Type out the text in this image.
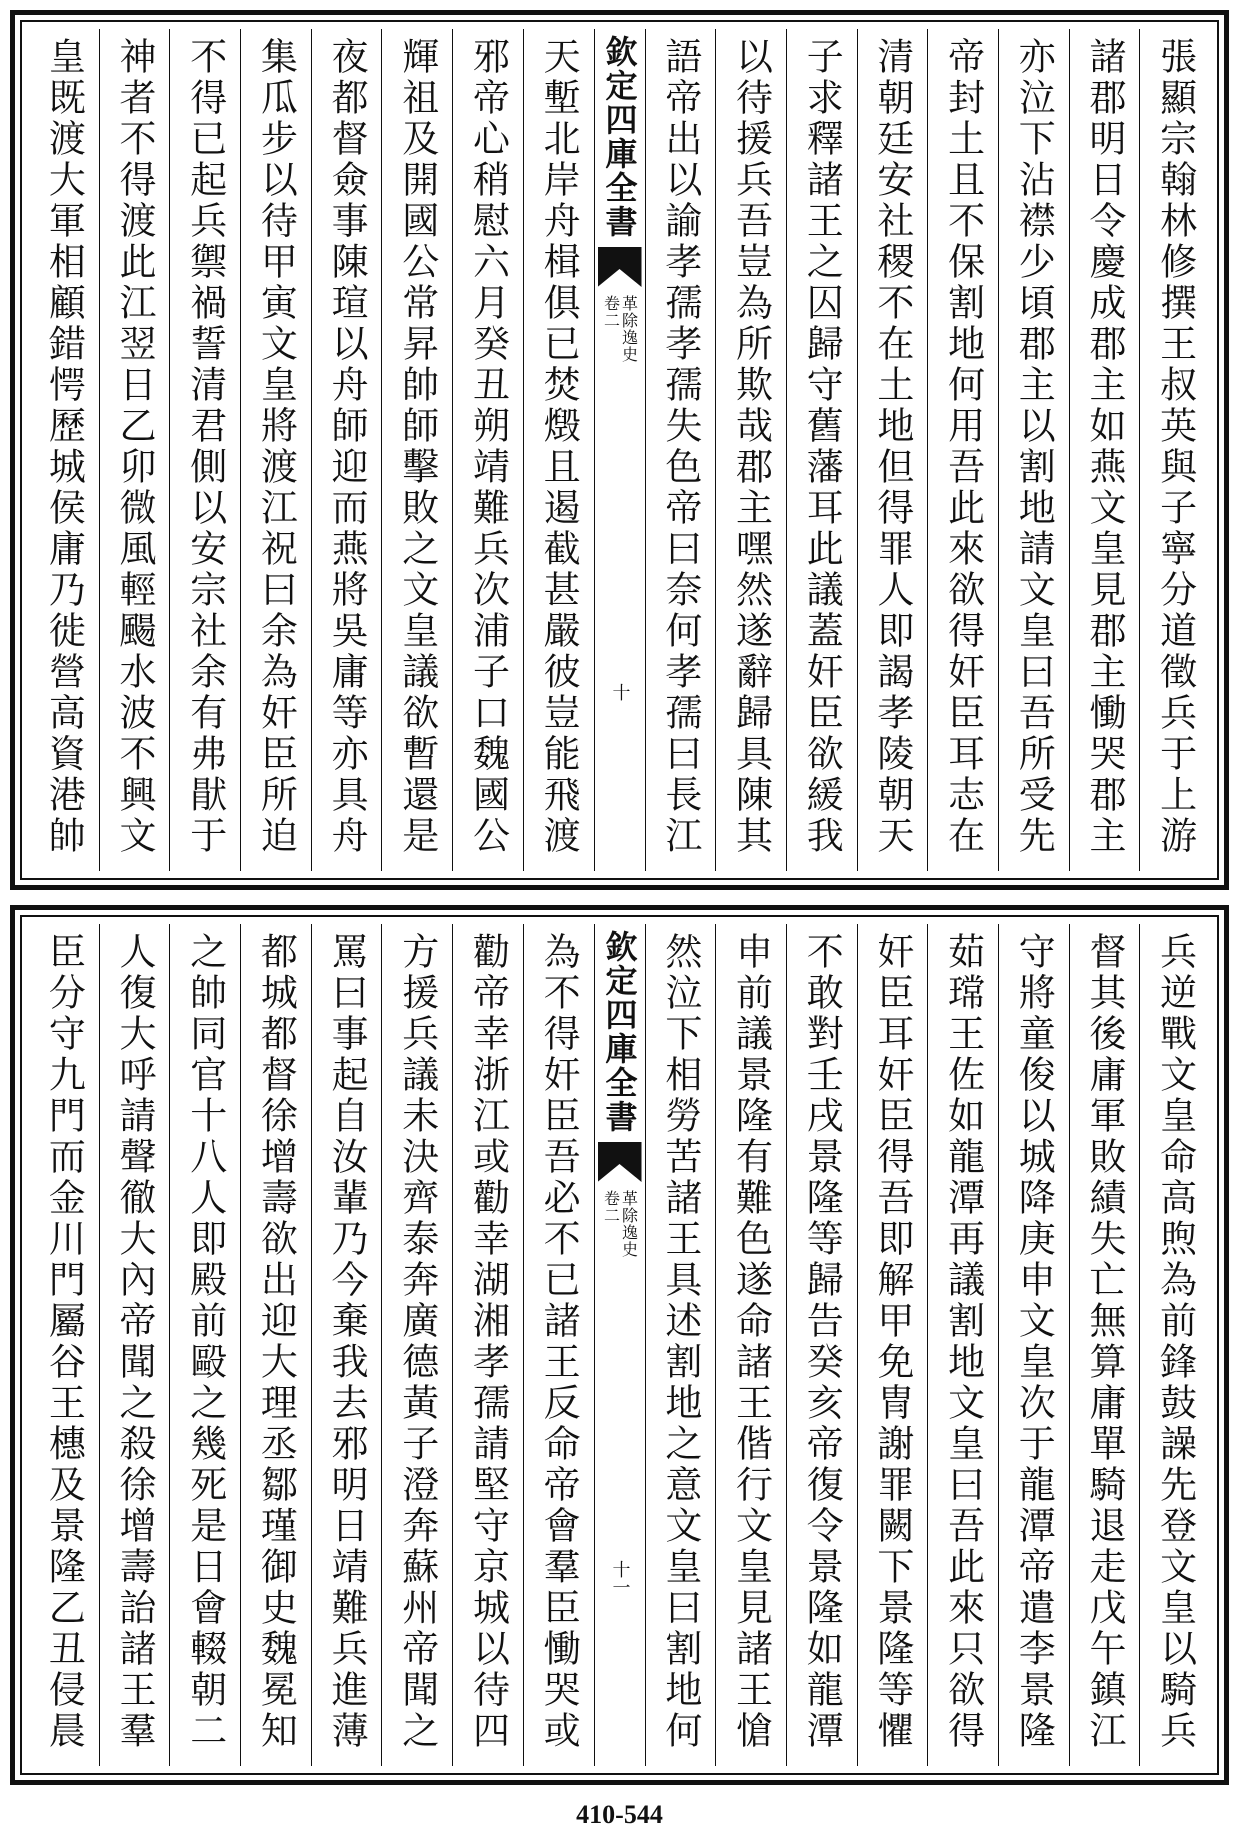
張顯宗翰林修撰王叔英與子寧分道徵兵于上游
諸郡明日令慶成郡主如燕文皇見郡主慟哭郡主
亦泣下沾襟少頃郡主以割地請文皇曰吾所受先
帝封土且不保割地何用吾此來欲得奸臣耳志在
清朝廷安社稷不在土地但得罪人即謁孝陵朝天
子求釋諸王之囚歸守舊藩耳此議蓋奸臣欲緩我
以待援兵吾豈為所欺哉郡主嘿然遂辭歸具陳其
語帝出以諭孝孺孝孺失色帝曰奈何孝孺曰長江
欽定四庫全書
革除逸史
卷二
十
天塹北岸舟楫俱已焚燬且遏截甚嚴彼豈能飛渡
邪帝心稍慰六月癸丑朔靖難兵次浦子口魏國公
輝祖及開國公常昇帥師擊敗之文皇議欲暫還是
夜都督僉事陳瑄以舟師迎而燕將吳庸等亦具舟
集瓜步以待甲寅文皇將渡江祝曰余為奸臣所迫
不得已起兵禦禍誓清君側以安宗社余有弗猒于
神者不得渡此江翌日乙卯微風輕颺水波不興文
皇既渡大軍相顧錯愕歷城侯庸乃徙營高資港帥
兵逆戰文皇命高煦為前鋒鼓譟先登文皇以騎兵
督其後庸軍敗績失亡無算庸單騎退走戊午鎮江
守將童俊以城降庚申文皇次于龍潭帝遣李景隆
茹瑺王佐如龍潭再議割地文皇曰吾此來只欲得
奸臣耳奸臣得吾即解甲免冑謝罪闕下景隆等懼
不敢對壬戌景隆等歸告癸亥帝復令景隆如龍潭
申前議景隆有難色遂命諸王偕行文皇見諸王愴
然泣下相勞苦諸王具述割地之意文皇曰割地何
欽定四庫全書
革除逸史
卷二
十一
為不得奸臣吾必不已諸王反命帝會羣臣慟哭或
勸帝幸浙江或勸幸湖湘孝孺請堅守京城以待四
方援兵議未決齊泰奔廣德黃子澄奔蘇州帝聞之
罵曰事起自汝輩乃今棄我去邪明日靖難兵進薄
都城都督徐增壽欲出迎大理丞鄒瑾御史魏冕知
之帥同官十八人即殿前毆之幾死是日會輟朝二
人復大呼請聲徹大內帝聞之殺徐增壽詒諸王羣
臣分守九門而金川門屬谷王橞及景隆乙丑侵晨
410-544
